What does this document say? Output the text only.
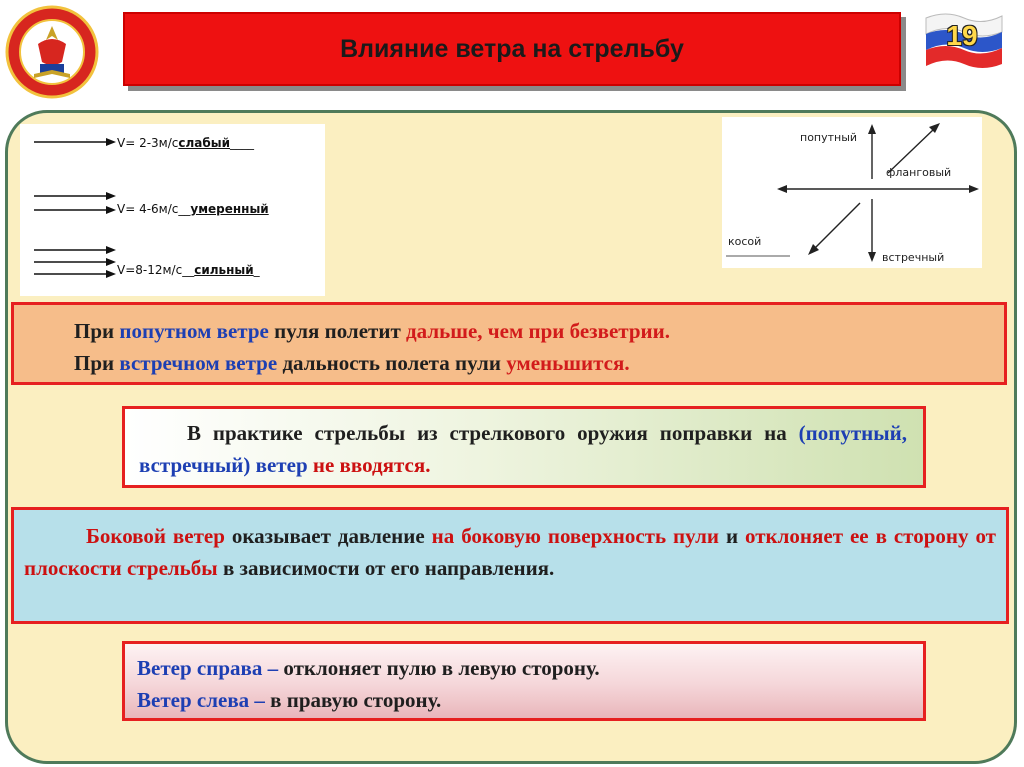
Влияние ветра на стрельбу	19
V= 2-3м/сслабый____
V= 4-6м/с__умеренный
V=8-12м/с__сильный_
попутный
фланговый
косой
встречный
При попутном ветре пуля полетит дальше, чем при безветрии.
При встречном ветре дальность полета пули уменьшится.
В практике стрельбы из стрелкового оружия поправки на (попутный, встречный) ветер не вводятся.
Боковой ветер оказывает давление на боковую поверхность пули и отклоняет ее в сторону от плоскости стрельбы в зависимости от его направления.
Ветер справа – отклоняет пулю в левую сторону.
Ветер слева – в правую сторону.
